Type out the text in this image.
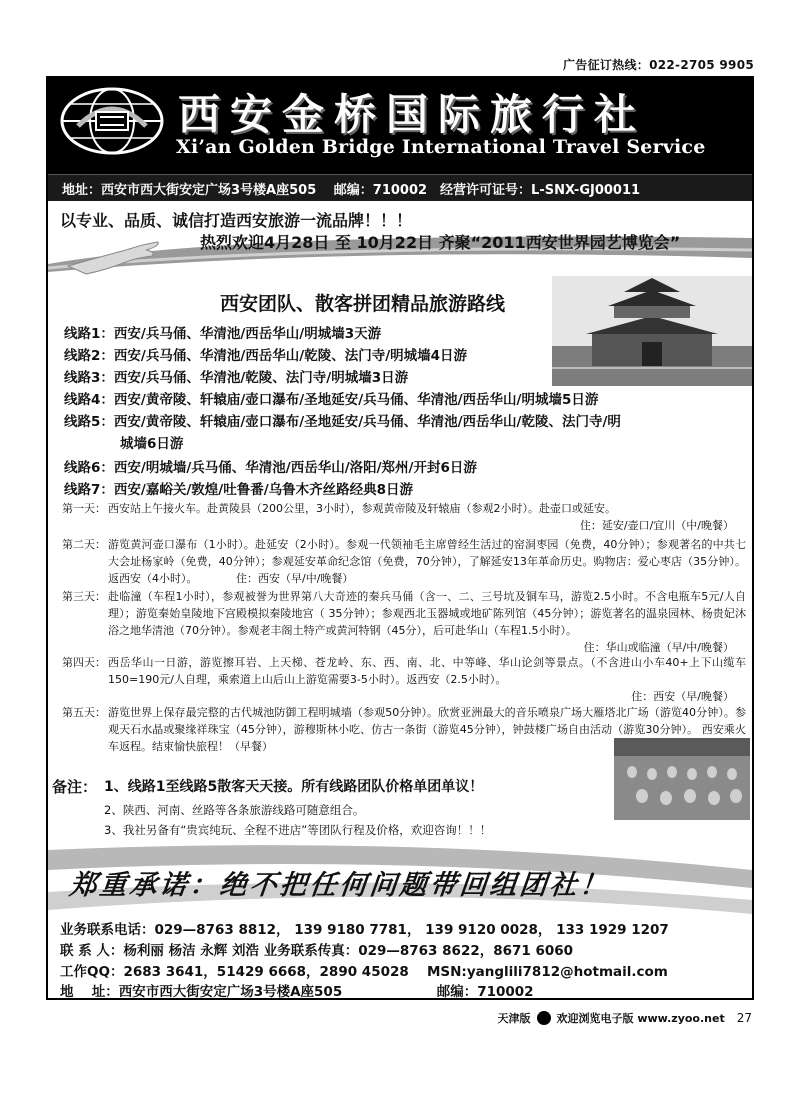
广告征订热线：022-2705 9905
西安金桥国际旅行社
Xi’an Golden Bridge International Travel Service
地址：西安市西大街安定广场3号楼A座505　 邮编：710002　经营许可证号：L-SNX-GJ00011
以专业、品质、诚信打造西安旅游一流品牌！！！
热烈欢迎4月28日 至 10月22日 齐聚“2011西安世界园艺博览会”
西安团队、散客拼团精品旅游路线
线路1：西安/兵马俑、华清池/西岳华山/明城墙3天游
线路2：西安/兵马俑、华清池/西岳华山/乾陵、法门寺/明城墙4日游
线路3：西安/兵马俑、华清池/乾陵、法门寺/明城墙3日游
线路4：西安/黄帝陵、轩辕庙/壶口瀑布/圣地延安/兵马俑、华清池/西岳华山/明城墙5日游
线路5：西安/黄帝陵、轩辕庙/壶口瀑布/圣地延安/兵马俑、华清池/西岳华山/乾陵、法门寺/明
城墙6日游
线路6：西安/明城墙/兵马俑、华清池/西岳华山/洛阳/郑州/开封6日游
线路7：西安/嘉峪关/敦煌/吐鲁番/乌鲁木齐丝路经典8日游
第一天： 西安站上午接火车。赴黄陵县（200公里，3小时），参观黄帝陵及轩辕庙（参观2小时）。赴壶口或延安。
住：延安/壶口/宜川（中/晚餐）
第二天： 游览黄河壶口瀑布（1小时）。赴延安（2小时）。参观一代领袖毛主席曾经生活过的窑洞枣园（免费，40分钟）；参观著名的中共七大会址杨家岭（免费，40分钟）；参观延安革命纪念馆（免费，70分钟），了解延安13年革命历史。购物店：爱心枣店（35分钟）。返西安（4小时）。　　　　住：西安（早/中/晚餐）
第三天： 赴临潼（车程1小时），参观被誉为世界第八大奇迹的秦兵马俑（含一、二、三号坑及铜车马，游览2.5小时。不含电瓶车5元/人自理）；游览秦始皇陵地下宫殿模拟秦陵地宫（ 35分钟）；参观西北玉器城或地矿陈列馆（45分钟）；游览著名的温泉园林、杨贵妃沐浴之地华清池（70分钟）。参观老丰阁土特产或黄河特钢（45分），后可赴华山（车程1.5小时）。
住：华山或临潼（早/中/晚餐）
第四天： 西岳华山一日游，游览擦耳岩、上天梯、苍龙岭、东、西、南、北、中等峰、华山论剑等景点。（不含进山小车40+上下山缆车150=190元/人自理，乘索道上山后山上游览需要3-5小时）。返西安（2.5小时）。
住：西安（早/晚餐）
第五天： 游览世界上保存最完整的古代城池防御工程明城墙（参观50分钟）。欣赏亚洲最大的音乐喷泉广场大雁塔北广场（游览40分钟）。参观天石水晶或聚缘祥珠宝（45分钟），游穆斯林小吃、仿古一条街（游览45分钟），钟鼓楼广场自由活动（游览30分钟）。 西安乘火车返程。结束愉快旅程！（早餐）
备注： 1、线路1至线路5散客天天接。所有线路团队价格单团单议！
2、陕西、河南、丝路等各条旅游线路可随意组合。
3、我社另备有“贵宾纯玩、全程不进店”等团队行程及价格，欢迎咨询！！！
郑重承诺：绝不把任何问题带回组团社！
业务联系电话：029—8763 8812， 139 9180 7781， 139 9120 0028， 133 1929 1207
联 系 人：杨利丽 杨洁 永辉 刘浩 业务联系传真：029—8763 8622，8671 6060
工作QQ：2683 3641，51429 6668，2890 45028　 MSN:yanglili7812@hotmail.com
地　 址：西安市西大街安定广场3号楼A座505　　　　　　　邮编：710002
天津版 欢迎浏览电子版 www.zyoo.net 27
